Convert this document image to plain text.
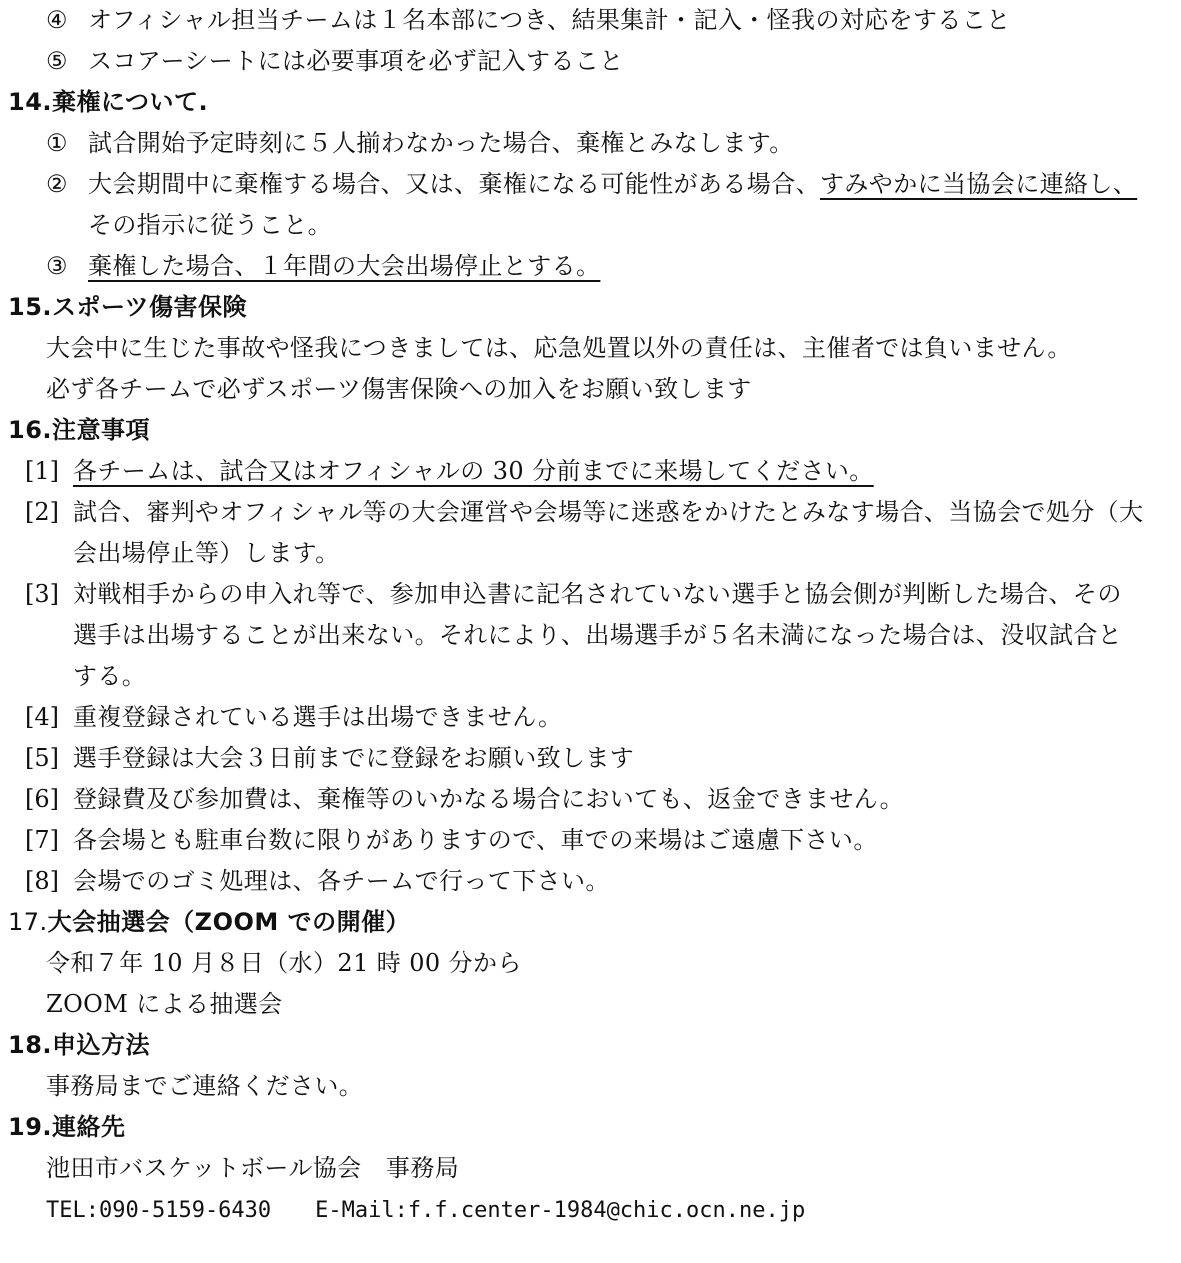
④ オフィシャル担当チームは１名本部につき、結果集計・記入・怪我の対応をすること
⑤ スコアーシートには必要事項を必ず記入すること
14.棄権について.
① 試合開始予定時刻に５人揃わなかった場合、棄権とみなします。
② 大会期間中に棄権する場合、又は、棄権になる可能性がある場合、すみやかに当協会に連絡し、
その指示に従うこと。
③ 棄権した場合、１年間の大会出場停止とする。
15.スポーツ傷害保険
大会中に生じた事故や怪我につきましては、応急処置以外の責任は、主催者では負いません。
必ず各チームで必ずスポーツ傷害保険への加入をお願い致します
16.注意事項
[1] 各チームは、試合又はオフィシャルの 30 分前までに来場してください。
[2] 試合、審判やオフィシャル等の大会運営や会場等に迷惑をかけたとみなす場合、当協会で処分（大
会出場停止等）します。
[3] 対戦相手からの申入れ等で、参加申込書に記名されていない選手と協会側が判断した場合、その
選手は出場することが出来ない。それにより、出場選手が５名未満になった場合は、没収試合と
する。
[4] 重複登録されている選手は出場できません。
[5] 選手登録は大会３日前までに登録をお願い致します
[6] 登録費及び参加費は、棄権等のいかなる場合においても、返金できません。
[7] 各会場とも駐車台数に限りがありますので、車での来場はご遠慮下さい。
[8] 会場でのゴミ処理は、各チームで行って下さい。
17.大会抽選会（ZOOM での開催）
令和７年 10 月８日（水）21 時 00 分から
ZOOM による抽選会
18.申込方法
事務局までご連絡ください。
19.連絡先
池田市バスケットボール協会　事務局
TEL:090-5159-6430 E-Mail:f.f.center-1984@chic.ocn.ne.jp
